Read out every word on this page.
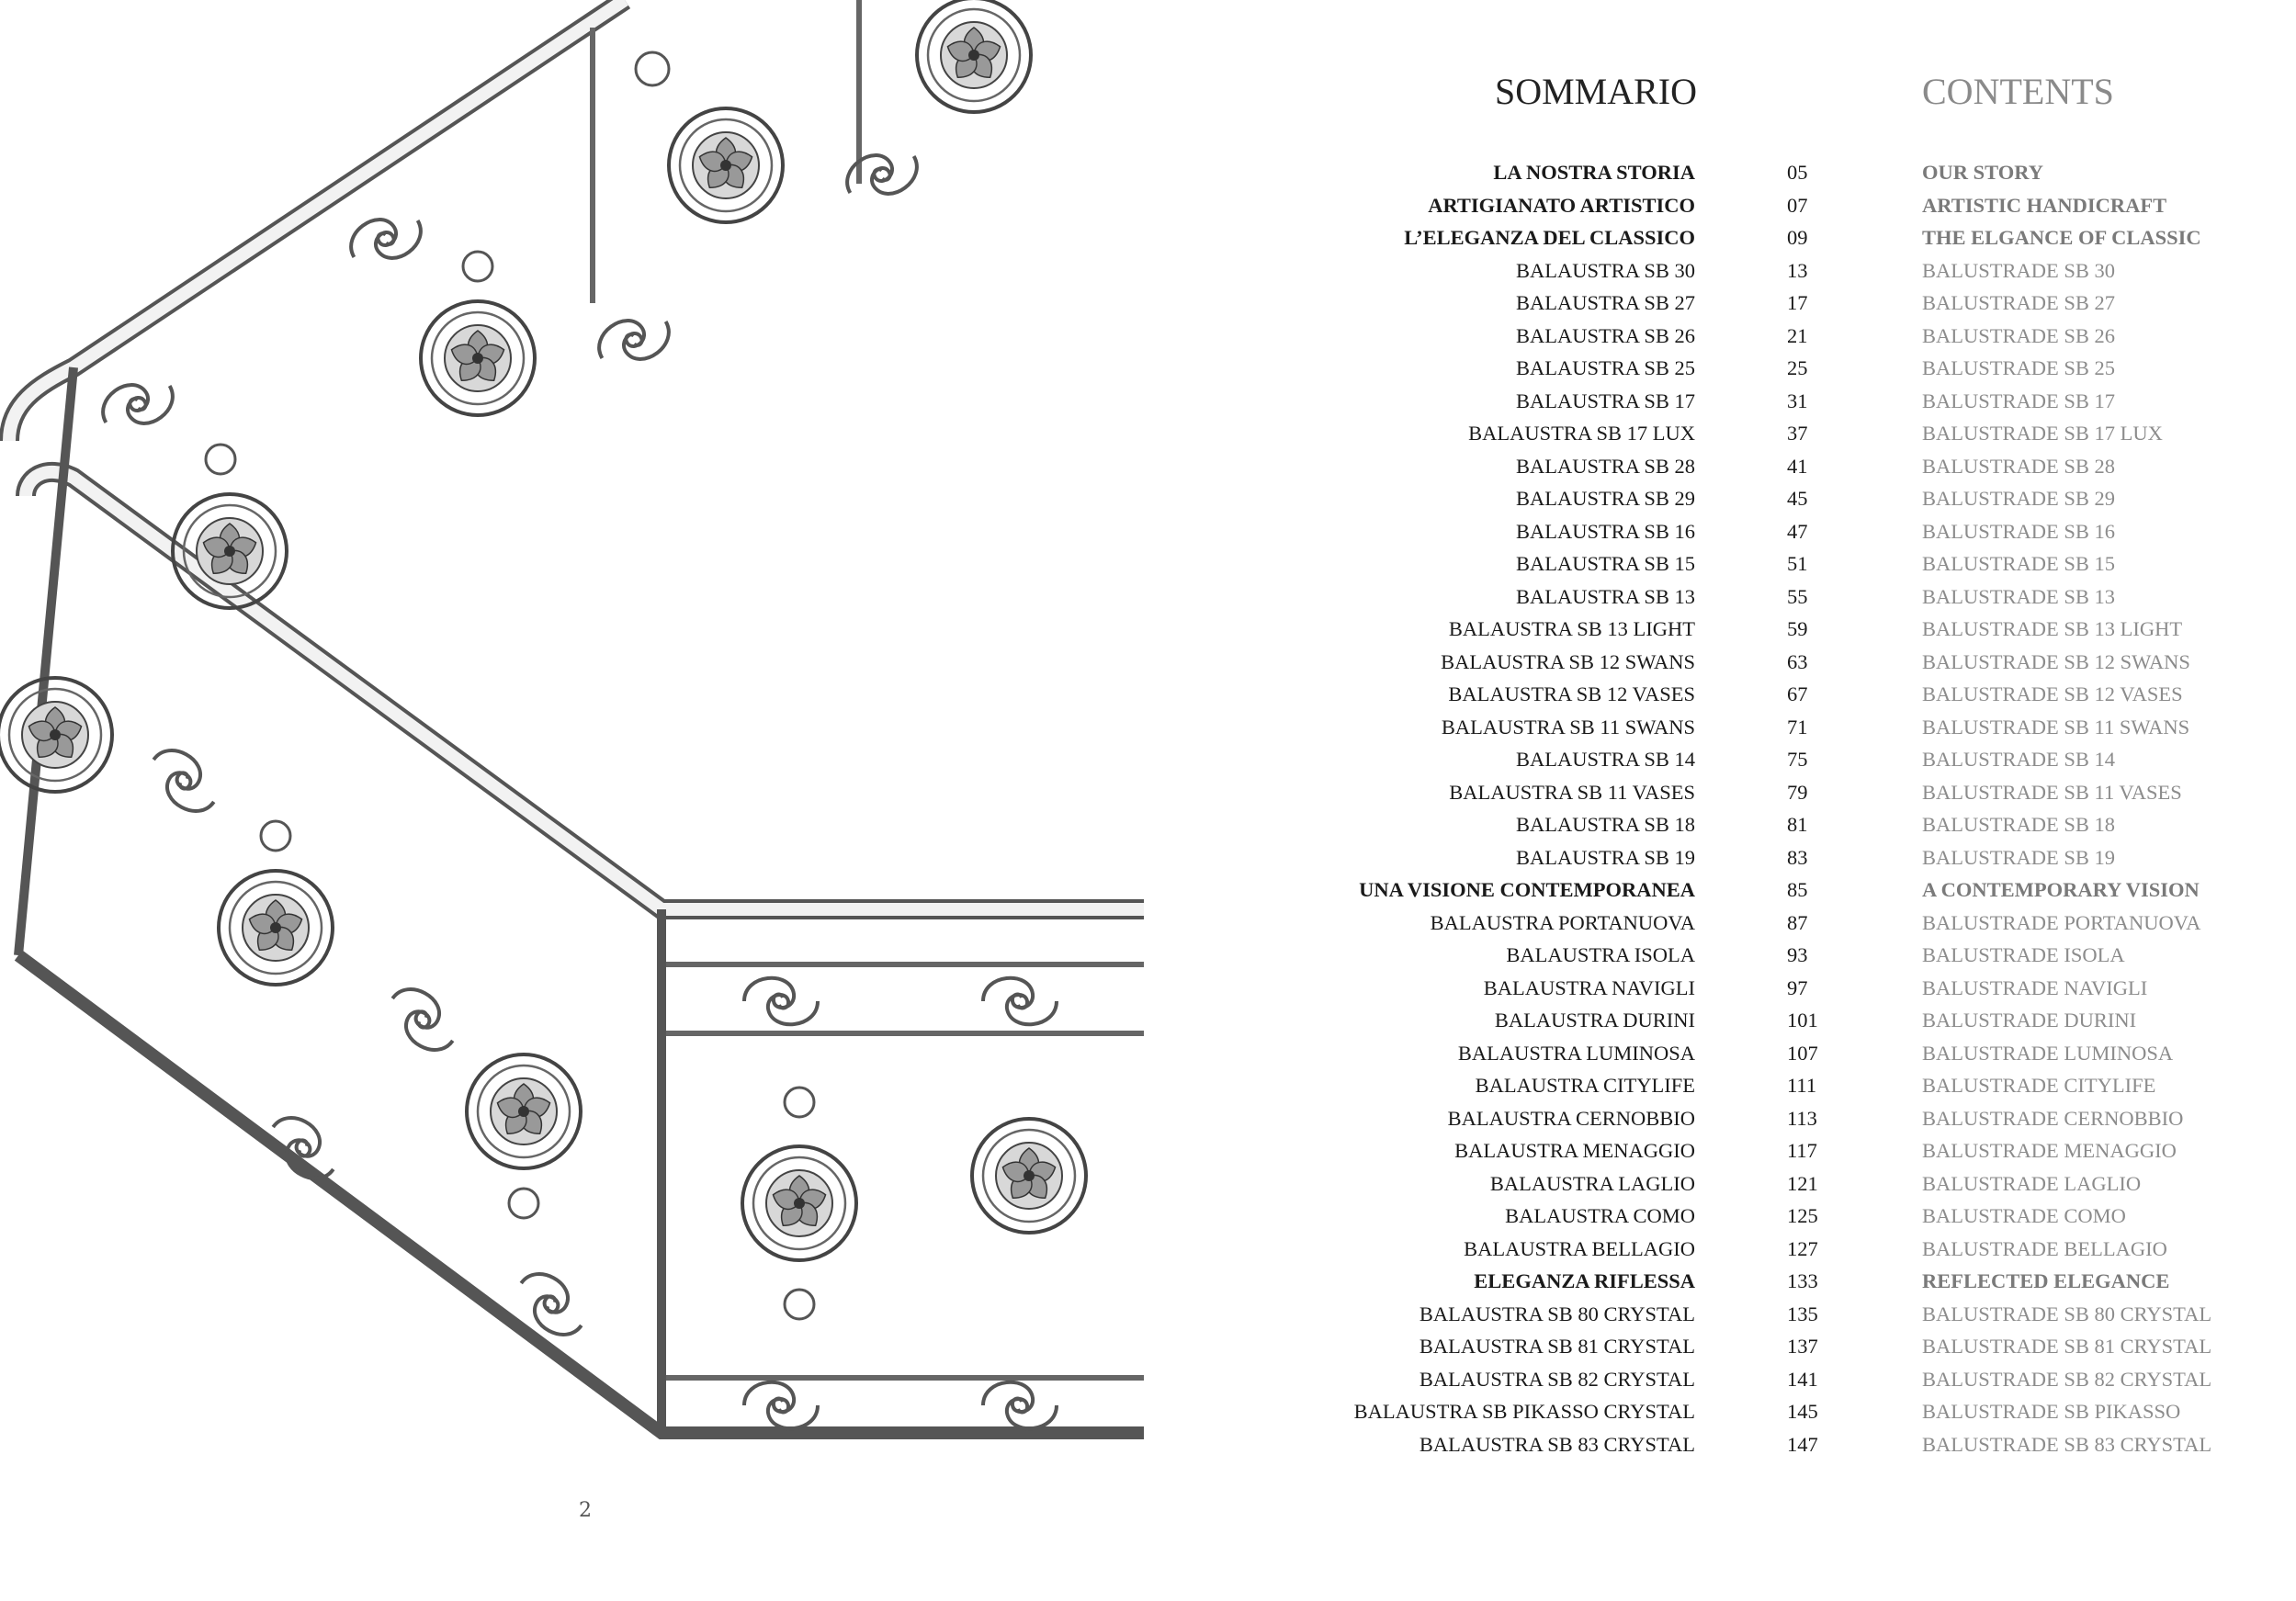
2
SOMMARIO	CONTENTS
LA NOSTRA STORIA	05	OUR STORY
ARTIGIANATO ARTISTICO	07	ARTISTIC HANDICRAFT
L’ELEGANZA DEL CLASSICO	09	THE ELGANCE OF CLASSIC
BALAUSTRA SB 30	13	BALUSTRADE SB 30
BALAUSTRA SB 27	17	BALUSTRADE SB 27
BALAUSTRA SB 26	21	BALUSTRADE SB 26
BALAUSTRA SB 25	25	BALUSTRADE SB 25
BALAUSTRA SB 17	31	BALUSTRADE SB 17
BALAUSTRA SB 17 LUX	37	BALUSTRADE SB 17 LUX
BALAUSTRA SB 28	41	BALUSTRADE SB 28
BALAUSTRA SB 29	45	BALUSTRADE SB 29
BALAUSTRA SB 16	47	BALUSTRADE SB 16
BALAUSTRA SB 15	51	BALUSTRADE SB 15
BALAUSTRA SB 13	55	BALUSTRADE SB 13
BALAUSTRA SB 13 LIGHT	59	BALUSTRADE SB 13 LIGHT
BALAUSTRA SB 12 SWANS	63	BALUSTRADE SB 12 SWANS
BALAUSTRA SB 12 VASES	67	BALUSTRADE SB 12 VASES
BALAUSTRA SB 11 SWANS	71	BALUSTRADE SB 11 SWANS
BALAUSTRA SB 14	75	BALUSTRADE SB 14
BALAUSTRA SB 11 VASES	79	BALUSTRADE SB 11 VASES
BALAUSTRA SB 18	81	BALUSTRADE SB 18
BALAUSTRA SB 19	83	BALUSTRADE SB 19
UNA VISIONE CONTEMPORANEA	85	A CONTEMPORARY VISION
BALAUSTRA PORTANUOVA	87	BALUSTRADE PORTANUOVA
BALAUSTRA ISOLA	93	BALUSTRADE ISOLA
BALAUSTRA NAVIGLI	97	BALUSTRADE NAVIGLI
BALAUSTRA DURINI	101	BALUSTRADE DURINI
BALAUSTRA LUMINOSA	107	BALUSTRADE LUMINOSA
BALAUSTRA CITYLIFE	111	BALUSTRADE CITYLIFE
BALAUSTRA CERNOBBIO	113	BALUSTRADE CERNOBBIO
BALAUSTRA MENAGGIO	117	BALUSTRADE MENAGGIO
BALAUSTRA LAGLIO	121	BALUSTRADE LAGLIO
BALAUSTRA COMO	125	BALUSTRADE COMO
BALAUSTRA BELLAGIO	127	BALUSTRADE BELLAGIO
ELEGANZA RIFLESSA	133	REFLECTED ELEGANCE
BALAUSTRA SB 80 CRYSTAL	135	BALUSTRADE SB 80 CRYSTAL
BALAUSTRA SB 81 CRYSTAL	137	BALUSTRADE SB 81 CRYSTAL
BALAUSTRA SB 82 CRYSTAL	141	BALUSTRADE SB 82 CRYSTAL
BALAUSTRA SB PIKASSO CRYSTAL	145	BALUSTRADE SB PIKASSO
BALAUSTRA SB 83 CRYSTAL	147	BALUSTRADE SB 83 CRYSTAL
